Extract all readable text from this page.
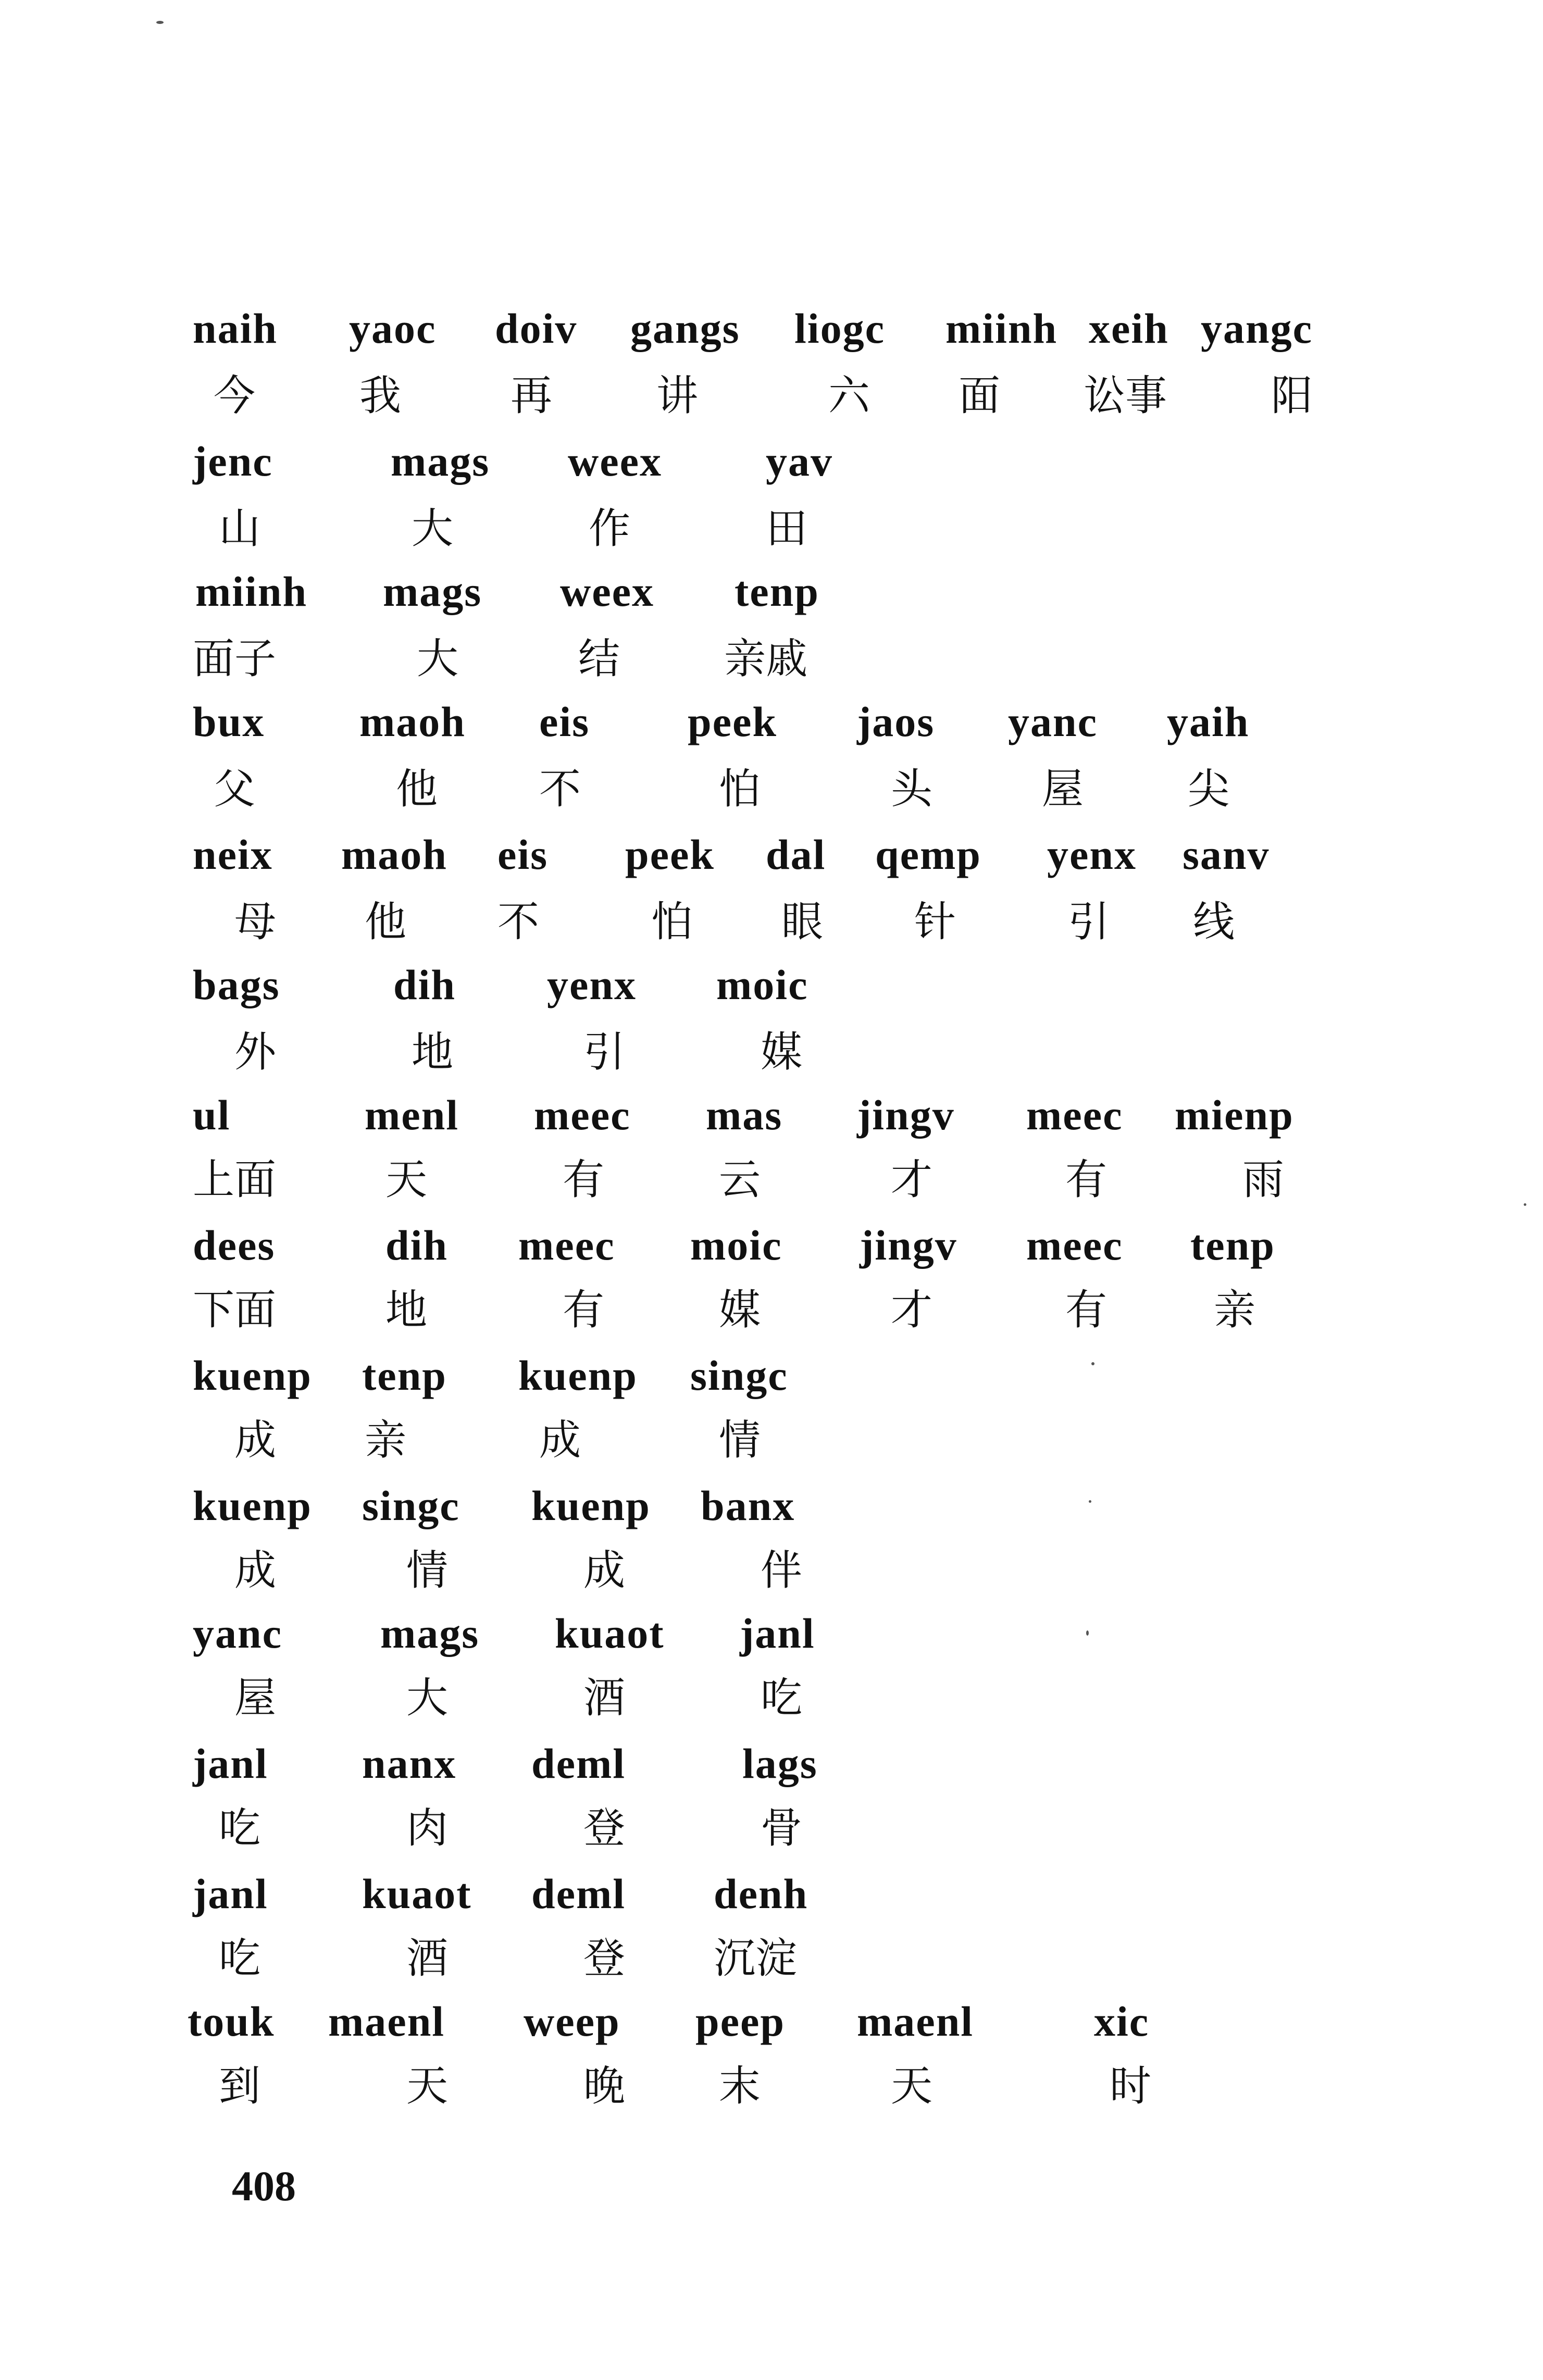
naih yaoc doiv gangs liogc miinh xeih yangc
今	我	再	讲	六 面 讼事	阳
jenc	mags weex yav
山	大	作	田
miinh mags weex tenp
面子	大	结	亲戚
bux maoh eis peek jaos yanc yaih
父	他 不	怕	头	屋	尖
neix maoh eis peek dal qemp yenx sanv
母 他 不	怕 眼 针	引 线
bags	dih yenx moic
外	地	引	媒
ul	menl meec mas jingv meec mienp
上面	天	有	云	才	有	雨
dees	dih meec moic jingv meec tenp
下面	地	有	媒	才	有	亲
kuenp tenp kuenp singc
成 亲	成	情
kuenp singc kuenp banx
成	情	成	伴
yanc mags kuaot janl
屋	大	酒	吃
janl nanx deml	lags
吃	肉	登	骨
janl kuaot deml denh
吃	酒	登 沉淀
touk maenl weep peep maenl	xic
到	天	晚 末	天	时
408
